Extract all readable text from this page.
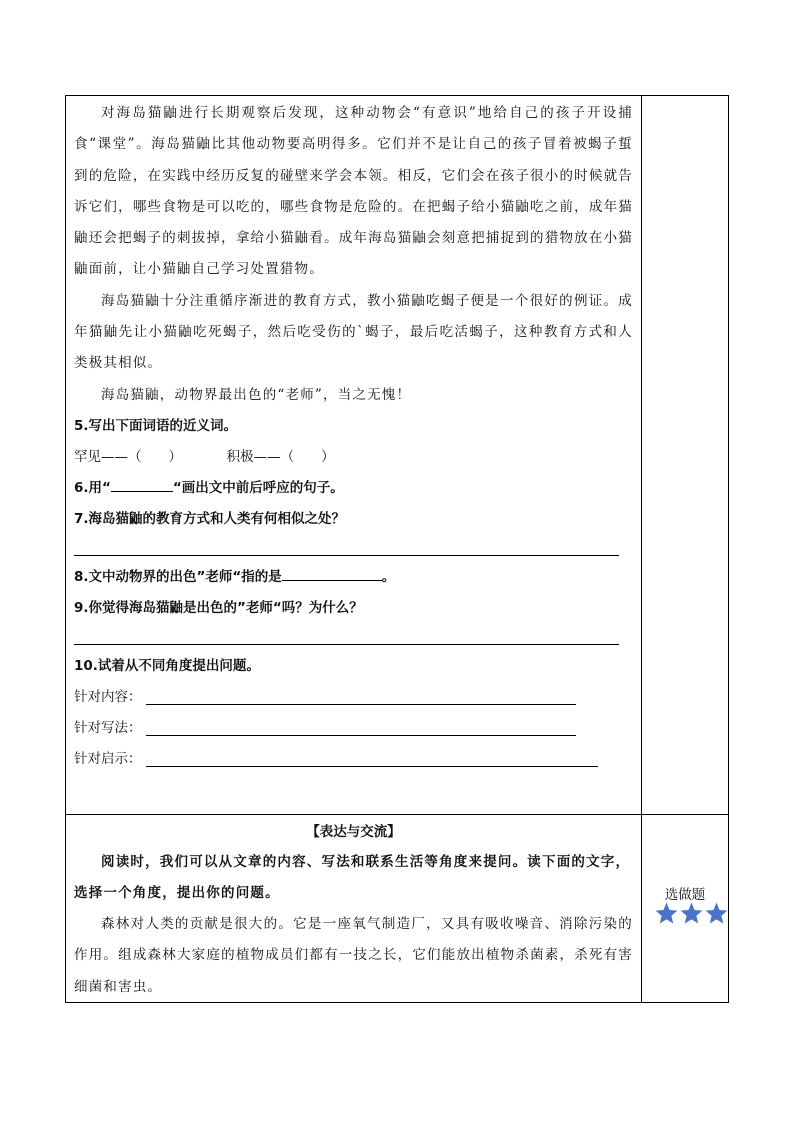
对海岛猫鼬进行长期观察后发现，这种动物会“有意识”地给自己的孩子开设捕食“课堂”。海岛猫鼬比其他动物要高明得多。它们并不是让自己的孩子冒着被蝎子蜇到的危险，在实践中经历反复的碰壁来学会本领。相反，它们会在孩子很小的时候就告诉它们，哪些食物是可以吃的，哪些食物是危险的。在把蝎子给小猫鼬吃之前，成年猫鼬还会把蝎子的刺拔掉，拿给小猫鼬看。成年海岛猫鼬会刻意把捕捉到的猎物放在小猫鼬面前，让小猫鼬自己学习处置猎物。

海岛猫鼬十分注重循序渐进的教育方式，教小猫鼬吃蝎子便是一个很好的例证。成年猫鼬先让小猫鼬吃死蝎子，然后吃受伤的`蝎子，最后吃活蝎子，这种教育方式和人类极其相似。

海岛猫鼬，动物界最出色的“老师”，当之无愧！

5.写出下面词语的近义词。

罕见——（　　）	积极——（　　）

6.用“	“画出文中前后呼应的句子。

7.海岛猫鼬的教育方式和人类有何相似之处？

8.文中动物界的出色”老师“指的是	。

9.你觉得海岛猫鼬是出色的”老师“吗？为什么？

10.试着从不同角度提出问题。

针对内容：
针对写法：
针对启示：
【表达与交流】

阅读时，我们可以从文章的内容、写法和联系生活等角度来提问。读下面的文字，选择一个角度，提出你的问题。

森林对人类的贡献是很大的。它是一座氧气制造厂，又具有吸收噪音、消除污染的作用。组成森林大家庭的植物成员们都有一技之长，它们能放出植物杀菌素，杀死有害细菌和害虫。

选做题
